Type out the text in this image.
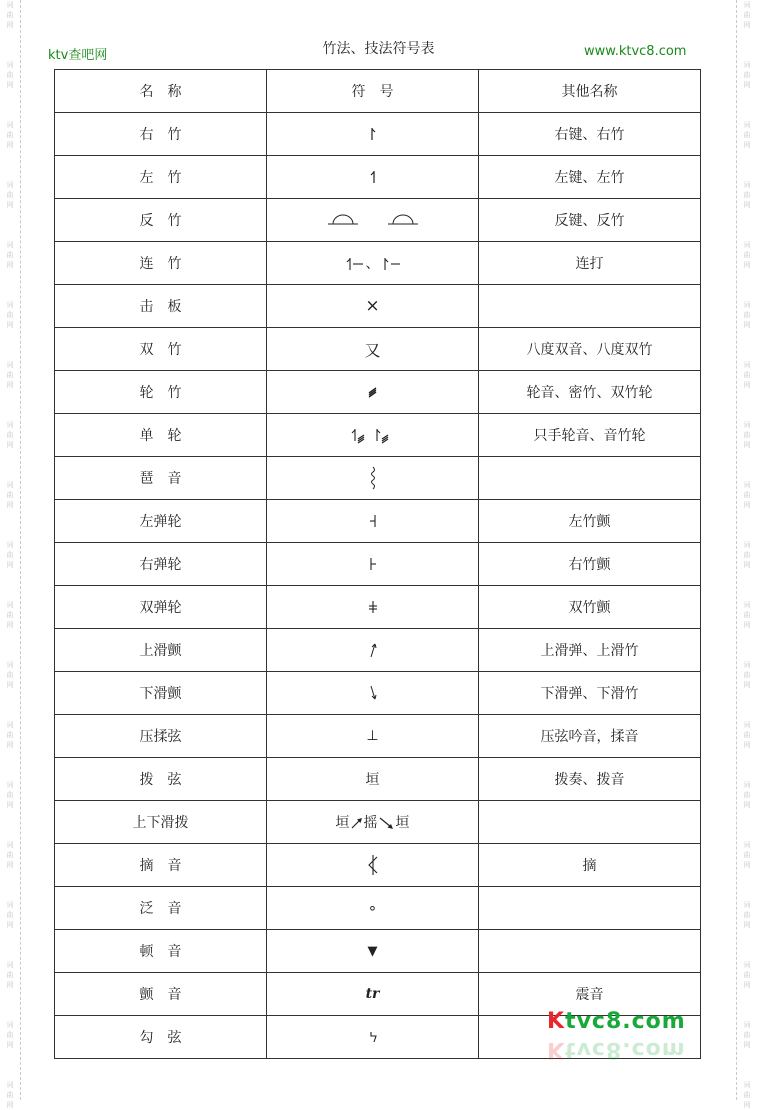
词
曲
网
词
曲
网
词
曲
网
词
曲
网
词
曲
网
词
曲
网
词
曲
网
词
曲
网
词
曲
网
词
曲
网
词
曲
网
词
曲
网
词
曲
网
词
曲
网
词
曲
网
词
曲
网
词
曲
网
词
曲
网
词
曲
网
词
曲
网
词
曲
网
词
曲
网
词
曲
网
词
曲
网
词
曲
网
词
曲
网
词
曲
网
词
曲
网
词
曲
网
词
曲
网
词
曲
网
词
曲
网
词
曲
网
词
曲
网
词
曲
网
词
曲
网
词
曲
网
词
曲
网
ktv查吧网	竹法、技法符号表	www.ktvc8.com
名　称	符　号	其他名称
右　竹		右键、右竹
左　竹		左键、左竹
反　竹		反键、反竹
连　竹	、	连打
击　板	×	
双　竹	又	八度双音、八度双竹
轮　竹		轮音、密竹、双竹轮
单　轮		只手轮音、音竹轮
琶　音		
左弹轮		左竹颤
右弹轮		右竹颤
双弹轮		双竹颤
上滑颤		上滑弹、上滑竹
下滑颤		下滑弹、下滑竹
压揉弦	⊥	压弦吟音，揉音
拨　弦	垣	拨奏、拨音
上下滑拨	垣 摇 垣	
摘　音		摘
泛　音	∘	
顿　音	▼	
颤　音	tr	震音
勾　弦		
Ktvc8.com
Ktvc8.com
